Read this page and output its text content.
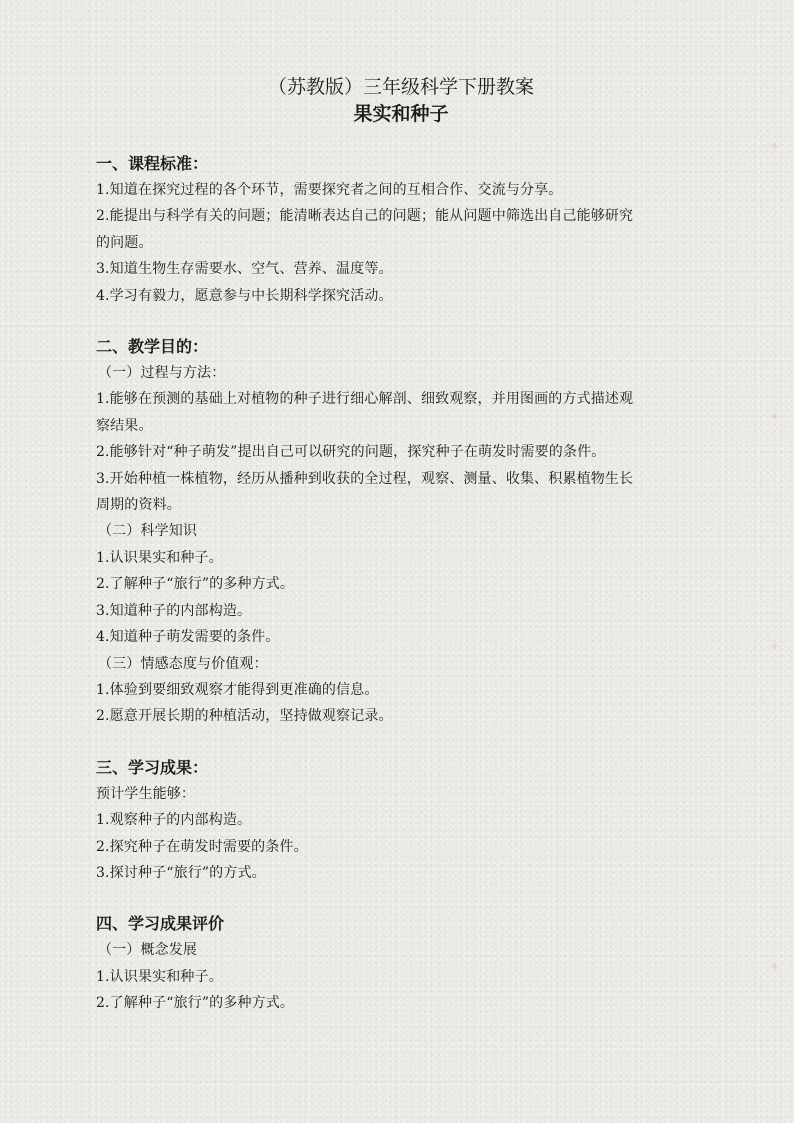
（苏教版）三年级科学下册教案
果实和种子

一、课程标准：

1.知道在探究过程的各个环节，需要探究者之间的互相合作、交流与分享。

2.能提出与科学有关的问题；能清晰表达自己的问题；能从问题中筛选出自己能够研究

的问题。

3.知道生物生存需要水、空气、营养、温度等。

4.学习有毅力，愿意参与中长期科学探究活动。

二、教学目的：

（一）过程与方法：

1.能够在预测的基础上对植物的种子进行细心解剖、细致观察，并用图画的方式描述观

察结果。

2.能够针对“种子萌发”提出自己可以研究的问题，探究种子在萌发时需要的条件。

3.开始种植一株植物，经历从播种到收获的全过程，观察、测量、收集、积累植物生长

周期的资料。

（二）科学知识

1.认识果实和种子。

2.了解种子“旅行”的多种方式。

3.知道种子的内部构造。

4.知道种子萌发需要的条件。

（三）情感态度与价值观：

1.体验到要细致观察才能得到更准确的信息。

2.愿意开展长期的种植活动，坚持做观察记录。

三、学习成果：

预计学生能够：

1.观察种子的内部构造。

2.探究种子在萌发时需要的条件。

3.探讨种子“旅行”的方式。

四、学习成果评价

（一）概念发展

1.认识果实和种子。

2.了解种子“旅行”的多种方式。

✦
✦
✦
✦
